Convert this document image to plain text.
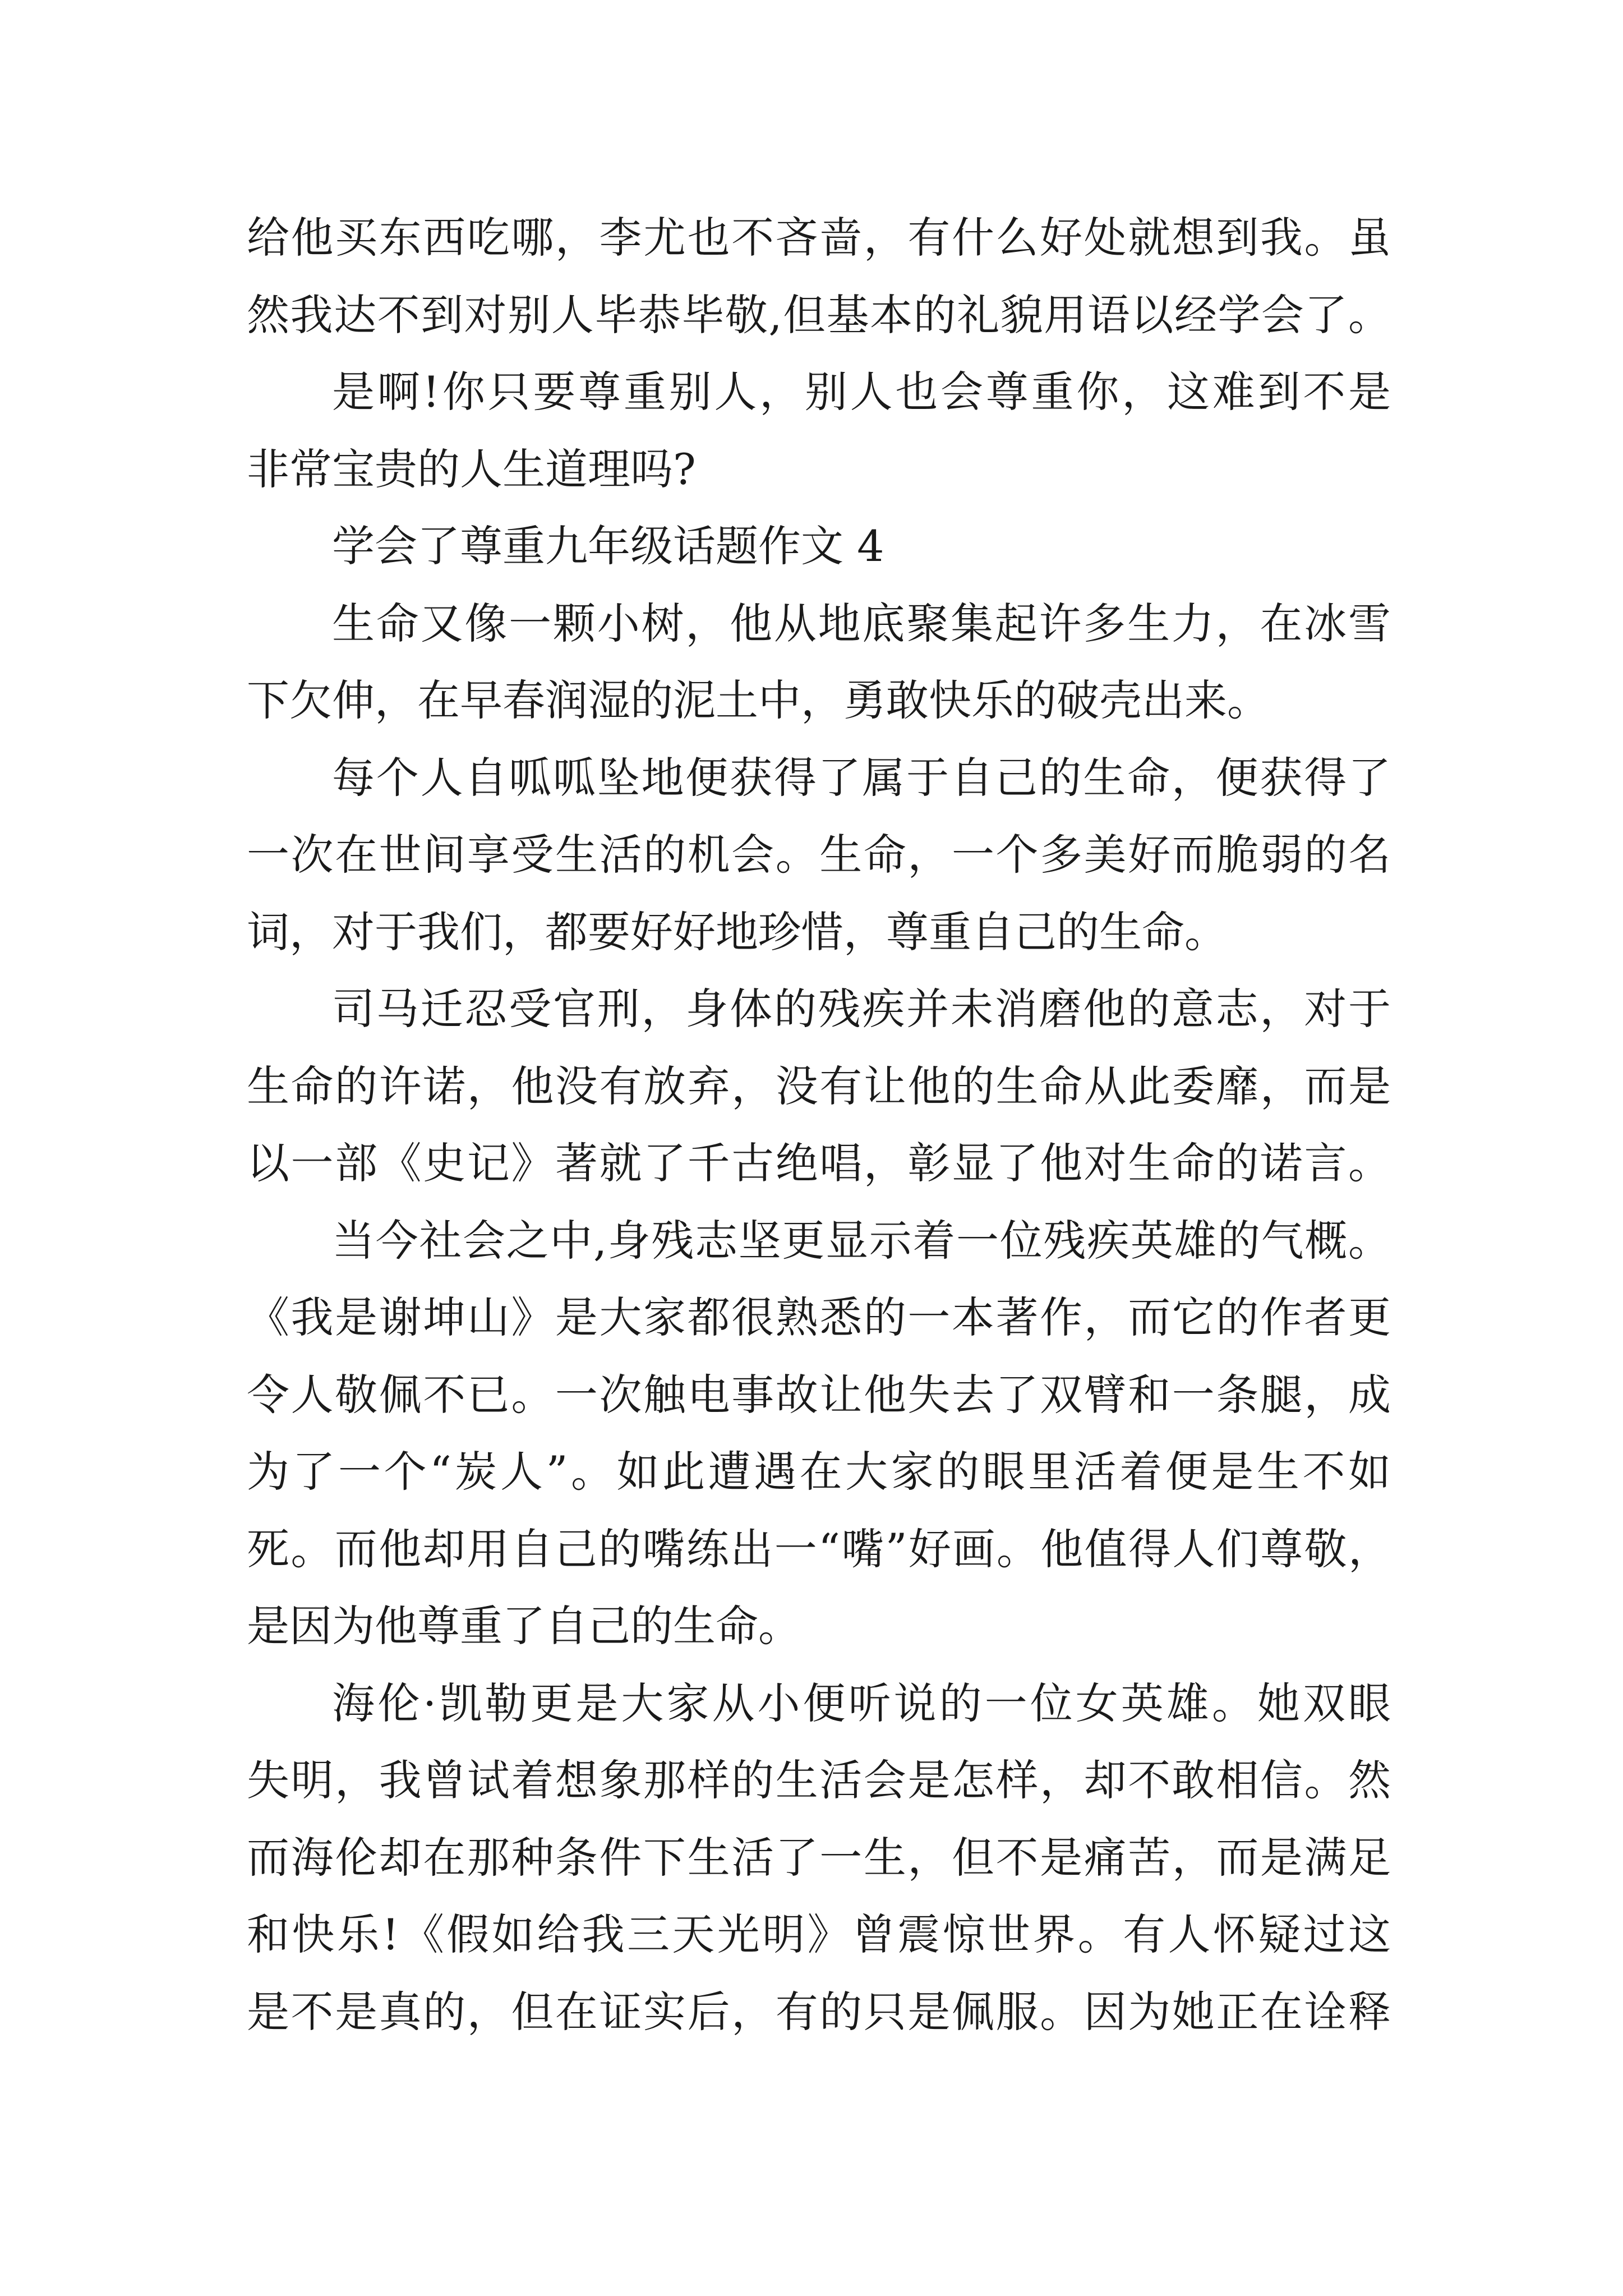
给他买东西吃哪，李尤也不吝啬，有什么好处就想到我。虽
然我达不到对别人毕恭毕敬,但基本的礼貌用语以经学会了。
是啊!你只要尊重别人，别人也会尊重你，这难到不是
非常宝贵的人生道理吗?
学会了尊重九年级话题作文 4
生命又像一颗小树，他从地底聚集起许多生力，在冰雪
下欠伸，在早春润湿的泥土中，勇敢快乐的破壳出来。
每个人自呱呱坠地便获得了属于自己的生命，便获得了
一次在世间享受生活的机会。生命，一个多美好而脆弱的名
词，对于我们，都要好好地珍惜，尊重自己的生命。
司马迁忍受官刑，身体的残疾并未消磨他的意志，对于
生命的许诺，他没有放弃，没有让他的生命从此委靡，而是
以一部《史记》著就了千古绝唱，彰显了他对生命的诺言。
当今社会之中,身残志坚更显示着一位残疾英雄的气概。
《我是谢坤山》是大家都很熟悉的一本著作，而它的作者更
令人敬佩不已。一次触电事故让他失去了双臂和一条腿，成
为了一个“炭人”。如此遭遇在大家的眼里活着便是生不如
死。而他却用自己的嘴练出一“嘴”好画。他值得人们尊敬，
是因为他尊重了自己的生命。
海伦·凯勒更是大家从小便听说的一位女英雄。她双眼
失明，我曾试着想象那样的生活会是怎样，却不敢相信。然
而海伦却在那种条件下生活了一生，但不是痛苦，而是满足
和快乐!《假如给我三天光明》曾震惊世界。有人怀疑过这
是不是真的，但在证实后，有的只是佩服。因为她正在诠释
